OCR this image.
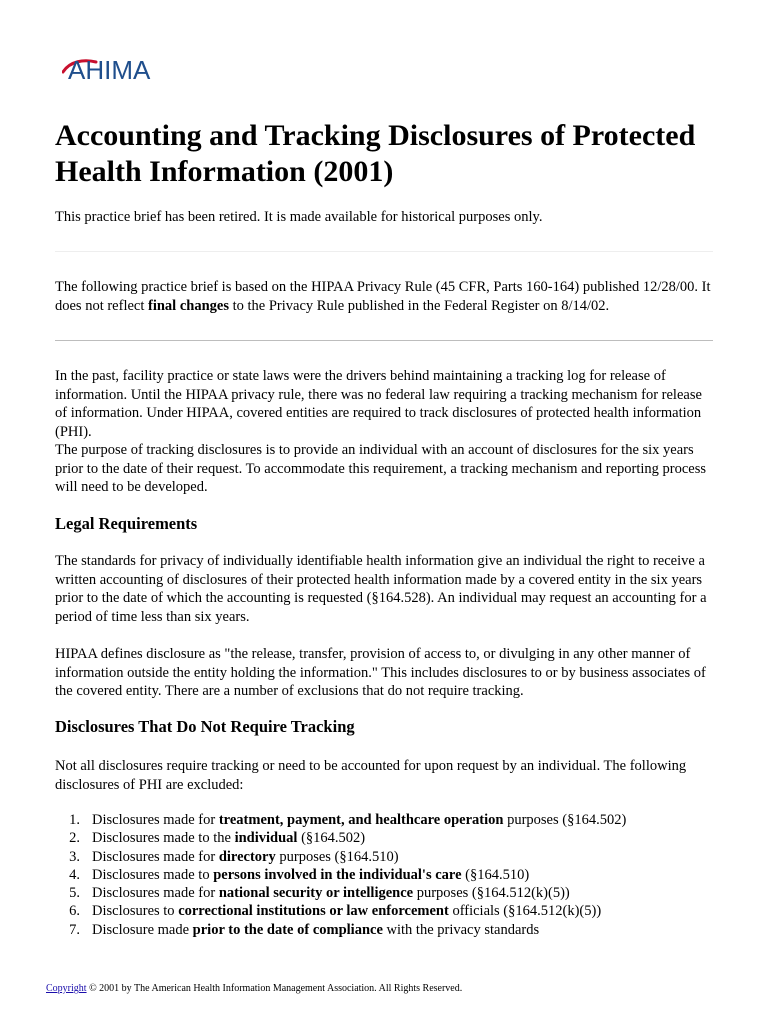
AHIMA
Accounting and Tracking Disclosures of Protected Health Information (2001)

This practice brief has been retired. It is made available for historical purposes only.

The following practice brief is based on the HIPAA Privacy Rule (45 CFR, Parts 160-164) published 12/28/00. It does not reflect final changes to the Privacy Rule published in the Federal Register on 8/14/02.

In the past, facility practice or state laws were the drivers behind maintaining a tracking log for release of information. Until the HIPAA privacy rule, there was no federal law requiring a tracking mechanism for release of information. Under HIPAA, covered entities are required to track disclosures of protected health information (PHI).

The purpose of tracking disclosures is to provide an individual with an account of disclosures for the six years prior to the date of their request. To accommodate this requirement, a tracking mechanism and reporting process will need to be developed.

Legal Requirements

The standards for privacy of individually identifiable health information give an individual the right to receive a written accounting of disclosures of their protected health information made by a covered entity in the six years prior to the date of which the accounting is requested (§164.528). An individual may request an accounting for a period of time less than six years.

HIPAA defines disclosure as "the release, transfer, provision of access to, or divulging in any other manner of information outside the entity holding the information." This includes disclosures to or by business associates of the covered entity. There are a number of exclusions that do not require tracking.

Disclosures That Do Not Require Tracking

Not all disclosures require tracking or need to be accounted for upon request by an individual. The following disclosures of PHI are excluded:

1. Disclosures made for treatment, payment, and healthcare operation purposes (§164.502)
2. Disclosures made to the individual (§164.502)
3. Disclosures made for directory purposes (§164.510)
4. Disclosures made to persons involved in the individual's care (§164.510)
5. Disclosures made for national security or intelligence purposes (§164.512(k)(5))
6. Disclosures to correctional institutions or law enforcement officials (§164.512(k)(5))
7. Disclosure made prior to the date of compliance with the privacy standards
Copyright © 2001 by The American Health Information Management Association. All Rights Reserved.
